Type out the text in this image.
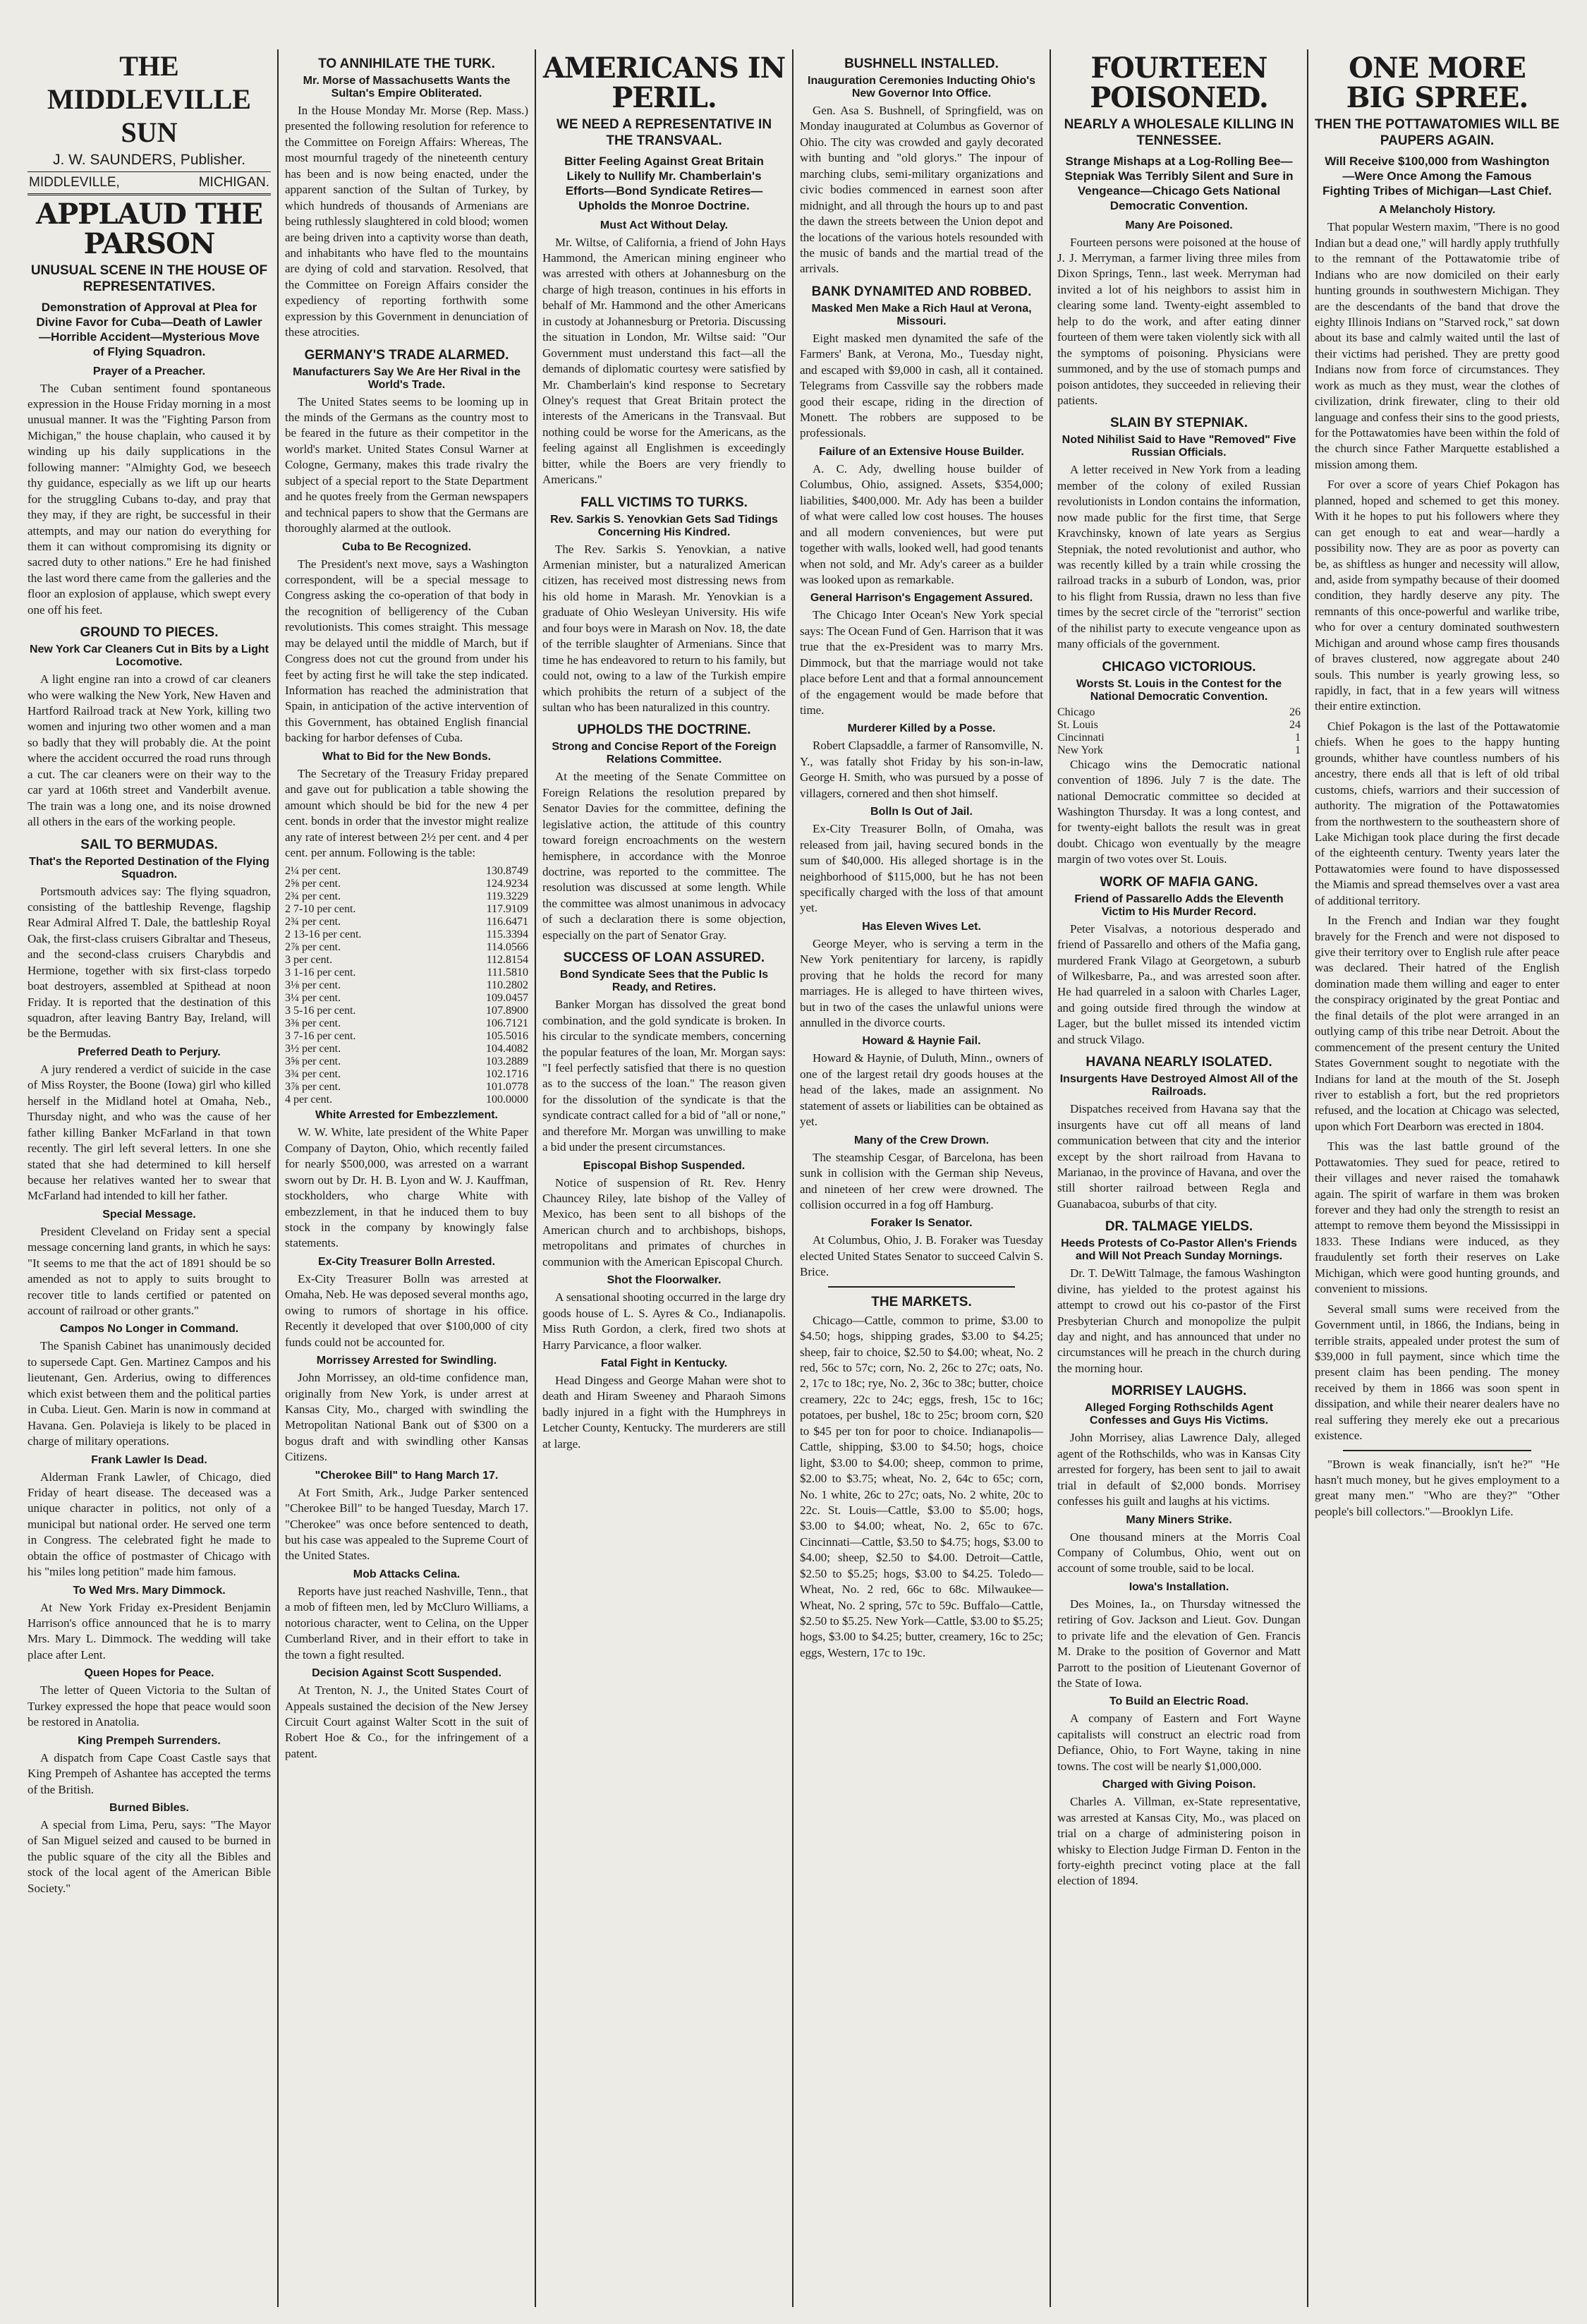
THE MIDDLEVILLE SUN
J. W. SAUNDERS, Publisher.
MIDDLEVILLE,	MICHIGAN.
APPLAUD THE PARSON
UNUSUAL SCENE IN THE HOUSE OF REPRESENTATIVES.
Demonstration of Approval at Plea for Divine Favor for Cuba—Death of Lawler—Horrible Accident—Mysterious Move of Flying Squadron.
Prayer of a Preacher.

The Cuban sentiment found spontaneous expression in the House Friday morning in a most unusual manner. It was the "Fighting Parson from Michigan," the house chaplain, who caused it by winding up his daily supplications in the following manner: "Almighty God, we beseech thy guidance, especially as we lift up our hearts for the struggling Cubans to-day, and pray that they may, if they are right, be successful in their attempts, and may our nation do everything for them it can without compromising its dignity or sacred duty to other nations." Ere he had finished the last word there came from the galleries and the floor an explosion of applause, which swept every one off his feet.

GROUND TO PIECES.
New York Car Cleaners Cut in Bits by a Light Locomotive.

A light engine ran into a crowd of car cleaners who were walking the New York, New Haven and Hartford Railroad track at New York, killing two women and injuring two other women and a man so badly that they will probably die. At the point where the accident occurred the road runs through a cut. The car cleaners were on their way to the car yard at 106th street and Vanderbilt avenue. The train was a long one, and its noise drowned all others in the ears of the working people.

SAIL TO BERMUDAS.
That's the Reported Destination of the Flying Squadron.

Portsmouth advices say: The flying squadron, consisting of the battleship Revenge, flagship Rear Admiral Alfred T. Dale, the battleship Royal Oak, the first-class cruisers Gibraltar and Theseus, and the second-class cruisers Charybdis and Hermione, together with six first-class torpedo boat destroyers, assembled at Spithead at noon Friday. It is reported that the destination of this squadron, after leaving Bantry Bay, Ireland, will be the Bermudas.

Preferred Death to Perjury.

A jury rendered a verdict of suicide in the case of Miss Royster, the Boone (Iowa) girl who killed herself in the Midland hotel at Omaha, Neb., Thursday night, and who was the cause of her father killing Banker McFarland in that town recently. The girl left several letters. In one she stated that she had determined to kill herself because her relatives wanted her to swear that McFarland had intended to kill her father.

Special Message.

President Cleveland on Friday sent a special message concerning land grants, in which he says: "It seems to me that the act of 1891 should be so amended as not to apply to suits brought to recover title to lands certified or patented on account of railroad or other grants."

Campos No Longer in Command.

The Spanish Cabinet has unanimously decided to supersede Capt. Gen. Martinez Campos and his lieutenant, Gen. Arderius, owing to differences which exist between them and the political parties in Cuba. Lieut. Gen. Marin is now in command at Havana. Gen. Polavieja is likely to be placed in charge of military operations.

Frank Lawler Is Dead.

Alderman Frank Lawler, of Chicago, died Friday of heart disease. The deceased was a unique character in politics, not only of a municipal but national order. He served one term in Congress. The celebrated fight he made to obtain the office of postmaster of Chicago with his "miles long petition" made him famous.

To Wed Mrs. Mary Dimmock.

At New York Friday ex-President Benjamin Harrison's office announced that he is to marry Mrs. Mary L. Dimmock. The wedding will take place after Lent.

Queen Hopes for Peace.

The letter of Queen Victoria to the Sultan of Turkey expressed the hope that peace would soon be restored in Anatolia.

King Prempeh Surrenders.

A dispatch from Cape Coast Castle says that King Prempeh of Ashantee has accepted the terms of the British.

Burned Bibles.

A special from Lima, Peru, says: "The Mayor of San Miguel seized and caused to be burned in the public square of the city all the Bibles and stock of the local agent of the American Bible Society."

TO ANNIHILATE THE TURK.
Mr. Morse of Massachusetts Wants the Sultan's Empire Obliterated.

In the House Monday Mr. Morse (Rep. Mass.) presented the following resolution for reference to the Committee on Foreign Affairs: Whereas, The most mournful tragedy of the nineteenth century has been and is now being enacted, under the apparent sanction of the Sultan of Turkey, by which hundreds of thousands of Armenians are being ruthlessly slaughtered in cold blood; women are being driven into a captivity worse than death, and inhabitants who have fled to the mountains are dying of cold and starvation. Resolved, that the Committee on Foreign Affairs consider the expediency of reporting forthwith some expression by this Government in denunciation of these atrocities.

GERMANY'S TRADE ALARMED.
Manufacturers Say We Are Her Rival in the World's Trade.

The United States seems to be looming up in the minds of the Germans as the country most to be feared in the future as their competitor in the world's market. United States Consul Warner at Cologne, Germany, makes this trade rivalry the subject of a special report to the State Department and he quotes freely from the German newspapers and technical papers to show that the Germans are thoroughly alarmed at the outlook.

Cuba to Be Recognized.

The President's next move, says a Washington correspondent, will be a special message to Congress asking the co-operation of that body in the recognition of belligerency of the Cuban revolutionists. This comes straight. This message may be delayed until the middle of March, but if Congress does not cut the ground from under his feet by acting first he will take the step indicated. Information has reached the administration that Spain, in anticipation of the active intervention of this Government, has obtained English financial backing for harbor defenses of Cuba.

What to Bid for the New Bonds.

The Secretary of the Treasury Friday prepared and gave out for publication a table showing the amount which should be bid for the new 4 per cent. bonds in order that the investor might realize any rate of interest between 2½ per cent. and 4 per cent. per annum. Following is the table:

2¼ per cent.	130.8749
2⅝ per cent.	124.9234
2¾ per cent.	119.3229
2 7-10 per cent.	117.9109
2¾ per cent.	116.6471
2 13-16 per cent.	115.3394
2⅞ per cent.	114.0566
3 per cent.	112.8154
3 1-16 per cent.	111.5810
3⅛ per cent.	110.2802
3¼ per cent.	109.0457
3 5-16 per cent.	107.8900
3⅜ per cent.	106.7121
3 7-16 per cent.	105.5016
3½ per cent.	104.4082
3⅝ per cent.	103.2889
3¾ per cent.	102.1716
3⅞ per cent.	101.0778
4 per cent.	100.0000
White Arrested for Embezzlement.

W. W. White, late president of the White Paper Company of Dayton, Ohio, which recently failed for nearly $500,000, was arrested on a warrant sworn out by Dr. H. B. Lyon and W. J. Kauffman, stockholders, who charge White with embezzlement, in that he induced them to buy stock in the company by knowingly false statements.

Ex-City Treasurer Bolln Arrested.

Ex-City Treasurer Bolln was arrested at Omaha, Neb. He was deposed several months ago, owing to rumors of shortage in his office. Recently it developed that over $100,000 of city funds could not be accounted for.

Morrissey Arrested for Swindling.

John Morrissey, an old-time confidence man, originally from New York, is under arrest at Kansas City, Mo., charged with swindling the Metropolitan National Bank out of $300 on a bogus draft and with swindling other Kansas Citizens.

"Cherokee Bill" to Hang March 17.

At Fort Smith, Ark., Judge Parker sentenced "Cherokee Bill" to be hanged Tuesday, March 17. "Cherokee" was once before sentenced to death, but his case was appealed to the Supreme Court of the United States.

Mob Attacks Celina.

Reports have just reached Nashville, Tenn., that a mob of fifteen men, led by McCluro Williams, a notorious character, went to Celina, on the Upper Cumberland River, and in their effort to take in the town a fight resulted.

Decision Against Scott Suspended.

At Trenton, N. J., the United States Court of Appeals sustained the decision of the New Jersey Circuit Court against Walter Scott in the suit of Robert Hoe & Co., for the infringement of a patent.

AMERICANS IN PERIL.
WE NEED A REPRESENTATIVE IN THE TRANSVAAL.
Bitter Feeling Against Great Britain Likely to Nullify Mr. Chamberlain's Efforts—Bond Syndicate Retires—Upholds the Monroe Doctrine.
Must Act Without Delay.

Mr. Wiltse, of California, a friend of John Hays Hammond, the American mining engineer who was arrested with others at Johannesburg on the charge of high treason, continues in his efforts in behalf of Mr. Hammond and the other Americans in custody at Johannesburg or Pretoria. Discussing the situation in London, Mr. Wiltse said: "Our Government must understand this fact—all the demands of diplomatic courtesy were satisfied by Mr. Chamberlain's kind response to Secretary Olney's request that Great Britain protect the interests of the Americans in the Transvaal. But nothing could be worse for the Americans, as the feeling against all Englishmen is exceedingly bitter, while the Boers are very friendly to Americans."

FALL VICTIMS TO TURKS.
Rev. Sarkis S. Yenovkian Gets Sad Tidings Concerning His Kindred.

The Rev. Sarkis S. Yenovkian, a native Armenian minister, but a naturalized American citizen, has received most distressing news from his old home in Marash. Mr. Yenovkian is a graduate of Ohio Wesleyan University. His wife and four boys were in Marash on Nov. 18, the date of the terrible slaughter of Armenians. Since that time he has endeavored to return to his family, but could not, owing to a law of the Turkish empire which prohibits the return of a subject of the sultan who has been naturalized in this country.

UPHOLDS THE DOCTRINE.
Strong and Concise Report of the Foreign Relations Committee.

At the meeting of the Senate Committee on Foreign Relations the resolution prepared by Senator Davies for the committee, defining the legislative action, the attitude of this country toward foreign encroachments on the western hemisphere, in accordance with the Monroe doctrine, was reported to the committee. The resolution was discussed at some length. While the committee was almost unanimous in advocacy of such a declaration there is some objection, especially on the part of Senator Gray.

SUCCESS OF LOAN ASSURED.
Bond Syndicate Sees that the Public Is Ready, and Retires.

Banker Morgan has dissolved the great bond combination, and the gold syndicate is broken. In his circular to the syndicate members, concerning the popular features of the loan, Mr. Morgan says: "I feel perfectly satisfied that there is no question as to the success of the loan." The reason given for the dissolution of the syndicate is that the syndicate contract called for a bid of "all or none," and therefore Mr. Morgan was unwilling to make a bid under the present circumstances.

Episcopal Bishop Suspended.

Notice of suspension of Rt. Rev. Henry Chauncey Riley, late bishop of the Valley of Mexico, has been sent to all bishops of the American church and to archbishops, bishops, metropolitans and primates of churches in communion with the American Episcopal Church.

Shot the Floorwalker.

A sensational shooting occurred in the large dry goods house of L. S. Ayres & Co., Indianapolis. Miss Ruth Gordon, a clerk, fired two shots at Harry Parvicance, a floor walker.

Fatal Fight in Kentucky.

Head Dingess and George Mahan were shot to death and Hiram Sweeney and Pharaoh Simons badly injured in a fight with the Humphreys in Letcher County, Kentucky. The murderers are still at large.

BUSHNELL INSTALLED.
Inauguration Ceremonies Inducting Ohio's New Governor Into Office.

Gen. Asa S. Bushnell, of Springfield, was on Monday inaugurated at Columbus as Governor of Ohio. The city was crowded and gayly decorated with bunting and "old glorys." The inpour of marching clubs, semi-military organizations and civic bodies commenced in earnest soon after midnight, and all through the hours up to and past the dawn the streets between the Union depot and the locations of the various hotels resounded with the music of bands and the martial tread of the arrivals.

BANK DYNAMITED AND ROBBED.
Masked Men Make a Rich Haul at Verona, Missouri.

Eight masked men dynamited the safe of the Farmers' Bank, at Verona, Mo., Tuesday night, and escaped with $9,000 in cash, all it contained. Telegrams from Cassville say the robbers made good their escape, riding in the direction of Monett. The robbers are supposed to be professionals.

Failure of an Extensive House Builder.

A. C. Ady, dwelling house builder of Columbus, Ohio, assigned. Assets, $354,000; liabilities, $400,000. Mr. Ady has been a builder of what were called low cost houses. The houses and all modern conveniences, but were put together with walls, looked well, had good tenants when not sold, and Mr. Ady's career as a builder was looked upon as remarkable.

General Harrison's Engagement Assured.

The Chicago Inter Ocean's New York special says: The Ocean Fund of Gen. Harrison that it was true that the ex-President was to marry Mrs. Dimmock, but that the marriage would not take place before Lent and that a formal announcement of the engagement would be made before that time.

Murderer Killed by a Posse.

Robert Clapsaddle, a farmer of Ransomville, N. Y., was fatally shot Friday by his son-in-law, George H. Smith, who was pursued by a posse of villagers, cornered and then shot himself.

Bolln Is Out of Jail.

Ex-City Treasurer Bolln, of Omaha, was released from jail, having secured bonds in the sum of $40,000. His alleged shortage is in the neighborhood of $115,000, but he has not been specifically charged with the loss of that amount yet.

Has Eleven Wives Let.

George Meyer, who is serving a term in the New York penitentiary for larceny, is rapidly proving that he holds the record for many marriages. He is alleged to have thirteen wives, but in two of the cases the unlawful unions were annulled in the divorce courts.

Howard & Haynie Fail.

Howard & Haynie, of Duluth, Minn., owners of one of the largest retail dry goods houses at the head of the lakes, made an assignment. No statement of assets or liabilities can be obtained as yet.

Many of the Crew Drown.

The steamship Cesgar, of Barcelona, has been sunk in collision with the German ship Neveus, and nineteen of her crew were drowned. The collision occurred in a fog off Hamburg.

Foraker Is Senator.

At Columbus, Ohio, J. B. Foraker was Tuesday elected United States Senator to succeed Calvin S. Brice.

THE MARKETS.

Chicago—Cattle, common to prime, $3.00 to $4.50; hogs, shipping grades, $3.00 to $4.25; sheep, fair to choice, $2.50 to $4.00; wheat, No. 2 red, 56c to 57c; corn, No. 2, 26c to 27c; oats, No. 2, 17c to 18c; rye, No. 2, 36c to 38c; butter, choice creamery, 22c to 24c; eggs, fresh, 15c to 16c; potatoes, per bushel, 18c to 25c; broom corn, $20 to $45 per ton for poor to choice. Indianapolis—Cattle, shipping, $3.00 to $4.50; hogs, choice light, $3.00 to $4.00; sheep, common to prime, $2.00 to $3.75; wheat, No. 2, 64c to 65c; corn, No. 1 white, 26c to 27c; oats, No. 2 white, 20c to 22c. St. Louis—Cattle, $3.00 to $5.00; hogs, $3.00 to $4.00; wheat, No. 2, 65c to 67c. Cincinnati—Cattle, $3.50 to $4.75; hogs, $3.00 to $4.00; sheep, $2.50 to $4.00. Detroit—Cattle, $2.50 to $5.25; hogs, $3.00 to $4.25. Toledo—Wheat, No. 2 red, 66c to 68c. Milwaukee—Wheat, No. 2 spring, 57c to 59c. Buffalo—Cattle, $2.50 to $5.25. New York—Cattle, $3.00 to $5.25; hogs, $3.00 to $4.25; butter, creamery, 16c to 25c; eggs, Western, 17c to 19c.

FOURTEEN POISONED.
NEARLY A WHOLESALE KILLING IN TENNESSEE.
Strange Mishaps at a Log-Rolling Bee—Stepniak Was Terribly Silent and Sure in Vengeance—Chicago Gets National Democratic Convention.
Many Are Poisoned.

Fourteen persons were poisoned at the house of J. J. Merryman, a farmer living three miles from Dixon Springs, Tenn., last week. Merryman had invited a lot of his neighbors to assist him in clearing some land. Twenty-eight assembled to help to do the work, and after eating dinner fourteen of them were taken violently sick with all the symptoms of poisoning. Physicians were summoned, and by the use of stomach pumps and poison antidotes, they succeeded in relieving their patients.

SLAIN BY STEPNIAK.
Noted Nihilist Said to Have "Removed" Five Russian Officials.

A letter received in New York from a leading member of the colony of exiled Russian revolutionists in London contains the information, now made public for the first time, that Serge Kravchinsky, known of late years as Sergius Stepniak, the noted revolutionist and author, who was recently killed by a train while crossing the railroad tracks in a suburb of London, was, prior to his flight from Russia, drawn no less than five times by the secret circle of the "terrorist" section of the nihilist party to execute vengeance upon as many officials of the government.

CHICAGO VICTORIOUS.
Worsts St. Louis in the Contest for the National Democratic Convention.
Chicago	26
St. Louis	24
Cincinnati	1
New York	1

Chicago wins the Democratic national convention of 1896. July 7 is the date. The national Democratic committee so decided at Washington Thursday. It was a long contest, and for twenty-eight ballots the result was in great doubt. Chicago won eventually by the meagre margin of two votes over St. Louis.

WORK OF MAFIA GANG.
Friend of Passarello Adds the Eleventh Victim to His Murder Record.

Peter Visalvas, a notorious desperado and friend of Passarello and others of the Mafia gang, murdered Frank Vilago at Georgetown, a suburb of Wilkesbarre, Pa., and was arrested soon after. He had quarreled in a saloon with Charles Lager, and going outside fired through the window at Lager, but the bullet missed its intended victim and struck Vilago.

HAVANA NEARLY ISOLATED.
Insurgents Have Destroyed Almost All of the Railroads.

Dispatches received from Havana say that the insurgents have cut off all means of land communication between that city and the interior except by the short railroad from Havana to Marianao, in the province of Havana, and over the still shorter railroad between Regla and Guanabacoa, suburbs of that city.

DR. TALMAGE YIELDS.
Heeds Protests of Co-Pastor Allen's Friends and Will Not Preach Sunday Mornings.

Dr. T. DeWitt Talmage, the famous Washington divine, has yielded to the protest against his attempt to crowd out his co-pastor of the First Presbyterian Church and monopolize the pulpit day and night, and has announced that under no circumstances will he preach in the church during the morning hour.

MORRISEY LAUGHS.
Alleged Forging Rothschilds Agent Confesses and Guys His Victims.

John Morrisey, alias Lawrence Daly, alleged agent of the Rothschilds, who was in Kansas City arrested for forgery, has been sent to jail to await trial in default of $2,000 bonds. Morrisey confesses his guilt and laughs at his victims.

Many Miners Strike.

One thousand miners at the Morris Coal Company of Columbus, Ohio, went out on account of some trouble, said to be local.

Iowa's Installation.

Des Moines, Ia., on Thursday witnessed the retiring of Gov. Jackson and Lieut. Gov. Dungan to private life and the elevation of Gen. Francis M. Drake to the position of Governor and Matt Parrott to the position of Lieutenant Governor of the State of Iowa.

To Build an Electric Road.

A company of Eastern and Fort Wayne capitalists will construct an electric road from Defiance, Ohio, to Fort Wayne, taking in nine towns. The cost will be nearly $1,000,000.

Charged with Giving Poison.

Charles A. Villman, ex-State representative, was arrested at Kansas City, Mo., was placed on trial on a charge of administering poison in whisky to Election Judge Firman D. Fenton in the forty-eighth precinct voting place at the fall election of 1894.

ONE MORE BIG SPREE.
THEN THE POTTAWATOMIES WILL BE PAUPERS AGAIN.
Will Receive $100,000 from Washington—Were Once Among the Famous Fighting Tribes of Michigan—Last Chief.
A Melancholy History.

That popular Western maxim, "There is no good Indian but a dead one," will hardly apply truthfully to the remnant of the Pottawatomie tribe of Indians who are now domiciled on their early hunting grounds in southwestern Michigan. They are the descendants of the band that drove the eighty Illinois Indians on "Starved rock," sat down about its base and calmly waited until the last of their victims had perished. They are pretty good Indians now from force of circumstances. They work as much as they must, wear the clothes of civilization, drink firewater, cling to their old language and confess their sins to the good priests, for the Pottawatomies have been within the fold of the church since Father Marquette established a mission among them.

For over a score of years Chief Pokagon has planned, hoped and schemed to get this money. With it he hopes to put his followers where they can get enough to eat and wear—hardly a possibility now. They are as poor as poverty can be, as shiftless as hunger and necessity will allow, and, aside from sympathy because of their doomed condition, they hardly deserve any pity. The remnants of this once-powerful and warlike tribe, who for over a century dominated southwestern Michigan and around whose camp fires thousands of braves clustered, now aggregate about 240 souls. This number is yearly growing less, so rapidly, in fact, that in a few years will witness their entire extinction.

Chief Pokagon is the last of the Pottawatomie chiefs. When he goes to the happy hunting grounds, whither have countless numbers of his ancestry, there ends all that is left of old tribal customs, chiefs, warriors and their succession of authority. The migration of the Pottawatomies from the northwestern to the southeastern shore of Lake Michigan took place during the first decade of the eighteenth century. Twenty years later the Pottawatomies were found to have dispossessed the Miamis and spread themselves over a vast area of additional territory.

In the French and Indian war they fought bravely for the French and were not disposed to give their territory over to English rule after peace was declared. Their hatred of the English domination made them willing and eager to enter the conspiracy originated by the great Pontiac and the final details of the plot were arranged in an outlying camp of this tribe near Detroit. About the commencement of the present century the United States Government sought to negotiate with the Indians for land at the mouth of the St. Joseph river to establish a fort, but the red proprietors refused, and the location at Chicago was selected, upon which Fort Dearborn was erected in 1804.

This was the last battle ground of the Pottawatomies. They sued for peace, retired to their villages and never raised the tomahawk again. The spirit of warfare in them was broken forever and they had only the strength to resist an attempt to remove them beyond the Mississippi in 1833. These Indians were induced, as they fraudulently set forth their reserves on Lake Michigan, which were good hunting grounds, and convenient to missions.

Several small sums were received from the Government until, in 1866, the Indians, being in terrible straits, appealed under protest the sum of $39,000 in full payment, since which time the present claim has been pending. The money received by them in 1866 was soon spent in dissipation, and while their nearer dealers have no real suffering they merely eke out a precarious existence.

"Brown is weak financially, isn't he?" "He hasn't much money, but he gives employment to a great many men." "Who are they?" "Other people's bill collectors."—Brooklyn Life.
